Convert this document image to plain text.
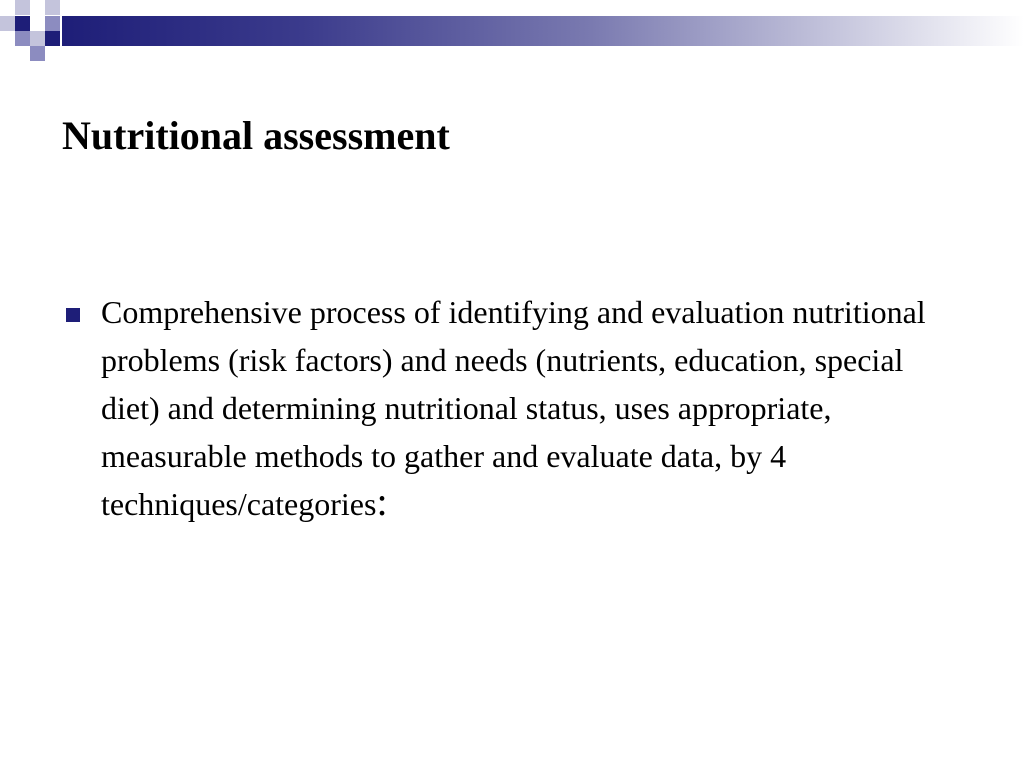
Nutritional assessment
Comprehensive process of identifying and evaluation nutritional problems (risk factors) and needs (nutrients, education, special diet) and determining nutritional status, uses appropriate, measurable methods to gather and evaluate data, by 4 techniques/categories:
